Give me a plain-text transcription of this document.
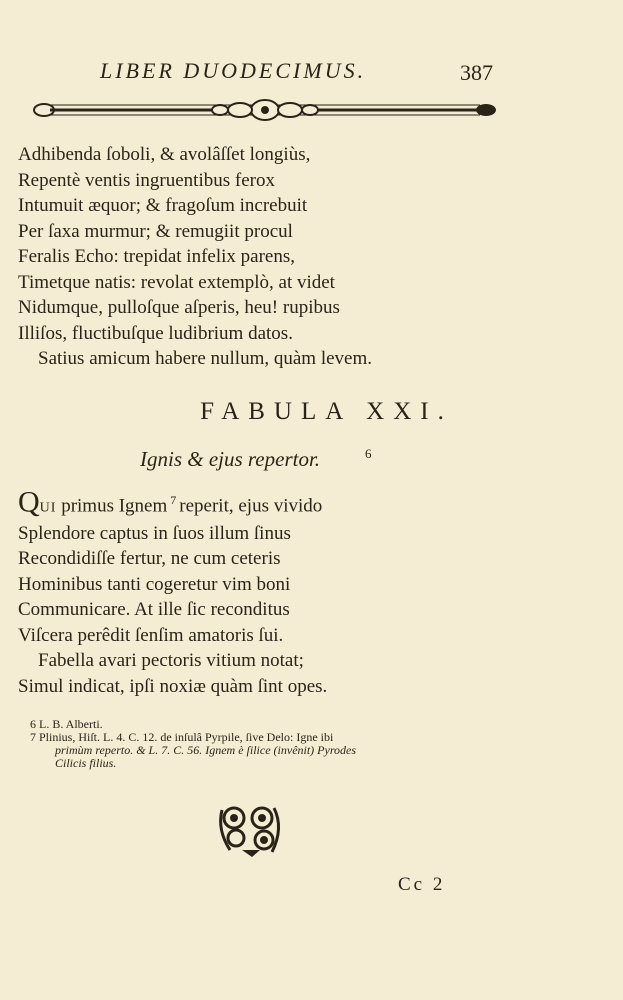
LIBER DUODECIMUS.	387
Adhibenda ſoboli, & avolâſſet longiùs,
Repentè ventis ingruentibus ferox
Intumuit æquor; & fragoſum increbuit
Per ſaxa murmur; & remugiit procul
Feralis Echo: trepidat infelix parens,
Timetque natis: revolat extemplò, at videt
Nidumque, pulloſque aſperis, heu! rupibus
Illiſos, fluctibuſque ludibrium datos.
Satius amicum habere nullum, quàm levem.
FABULA XXI.
Ignis & ejus repertor.	6
QUI primus Ignem $^7$ reperit, ejus vivido
Splendore captus in ſuos illum ſinus
Recondidiſſe fertur, ne cum ceteris
Hominibus tanti cogeretur vim boni
Communicare. At ille ſic reconditus
Viſcera perêdit ſenſim amatoris ſui.
Fabella avari pectoris vitium notat;
Simul indicat, ipſi noxiæ quàm ſint opes.
6 L. B. Alberti.
7 Plinius, Hiſt. L. 4. C. 12. de inſulâ Pyrpile, ſive Delo: Igne ibi
primùm reperto. & L. 7. C. 56. Ignem è ſilice (invênit) Pyrodes
Cilicis filius.
Cc 2
